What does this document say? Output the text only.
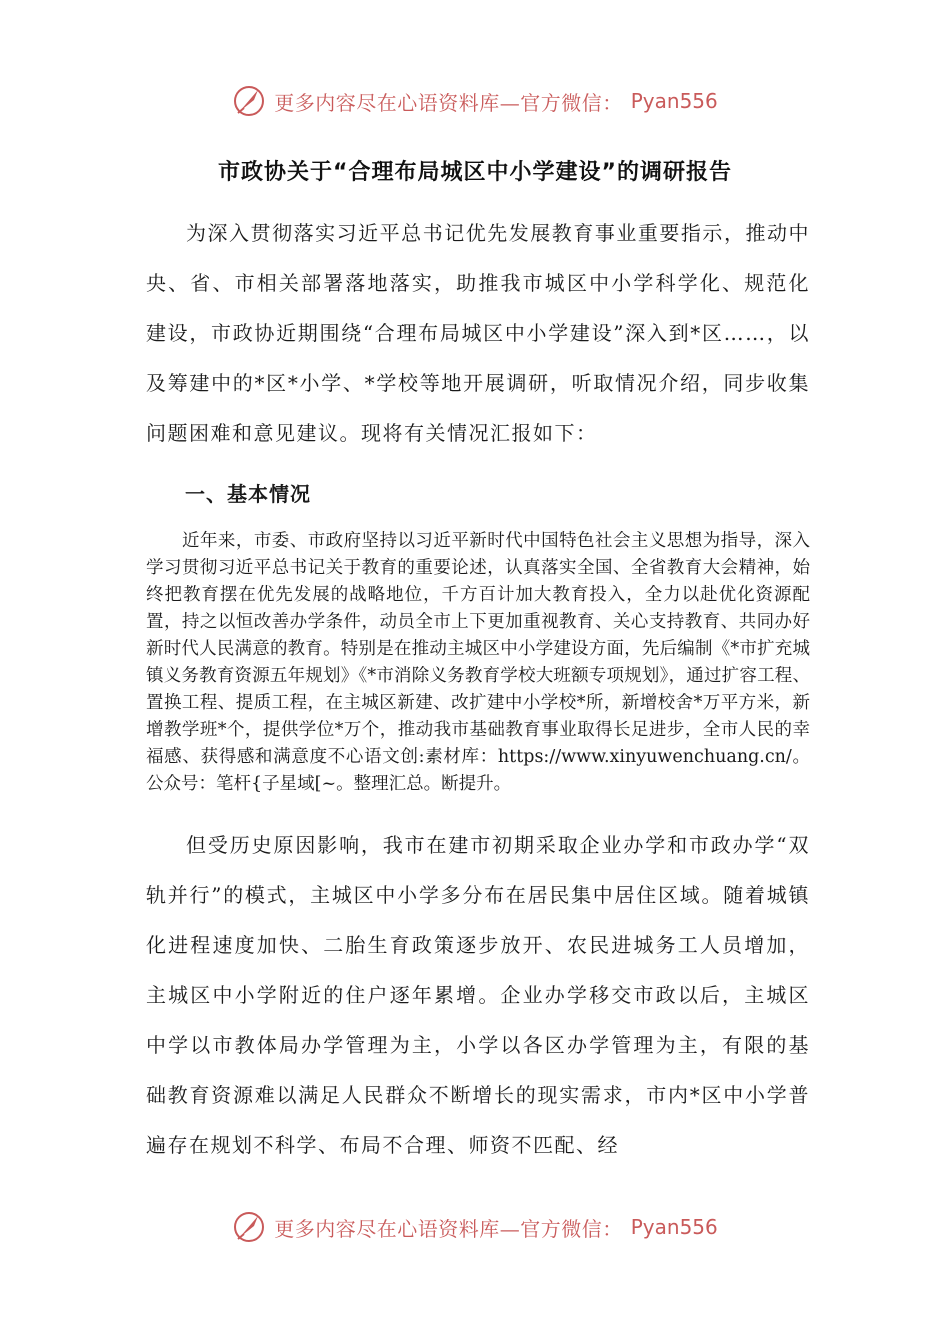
更多内容尽在心语资料库—官方微信： Pyan556
市政协关于“合理布局城区中小学建设”的调研报告

为深入贯彻落实习近平总书记优先发展教育事业重要指示，推动中央、省、市相关部署落地落实，助推我市城区中小学科学化、规范化建设，市政协近期围绕“合理布局城区中小学建设”深入到*区……，以及筹建中的*区*小学、*学校等地开展调研，听取情况介绍，同步收集问题困难和意见建议。现将有关情况汇报如下：

一、基本情况

近年来，市委、市政府坚持以习近平新时代中国特色社会主义思想为指导，深入学习贯彻习近平总书记关于教育的重要论述，认真落实全国、全省教育大会精神，始终把教育摆在优先发展的战略地位，千方百计加大教育投入，全力以赴优化资源配置，持之以恒改善办学条件，动员全市上下更加重视教育、关心支持教育、共同办好新时代人民满意的教育。特别是在推动主城区中小学建设方面，先后编制《*市扩充城镇义务教育资源五年规划》《*市消除义务教育学校大班额专项规划》，通过扩容工程、置换工程、提质工程，在主城区新建、改扩建中小学校*所，新增校舍*万平方米，新增教学班*个，提供学位*万个，推动我市基础教育事业取得长足进步，全市人民的幸福感、获得感和满意度不心语文创:素材库：https://www.xinyuwenchuang.cn/。公众号：笔杆{子星域[~。整理汇总。断提升。

但受历史原因影响，我市在建市初期采取企业办学和市政办学“双轨并行”的模式，主城区中小学多分布在居民集中居住区域。随着城镇化进程速度加快、二胎生育政策逐步放开、农民进城务工人员增加，主城区中小学附近的住户逐年累增。企业办学移交市政以后，主城区中学以市教体局办学管理为主，小学以各区办学管理为主，有限的基础教育资源难以满足人民群众不断增长的现实需求，市内*区中小学普遍存在规划不科学、布局不合理、师资不匹配、经

更多内容尽在心语资料库—官方微信： Pyan556
